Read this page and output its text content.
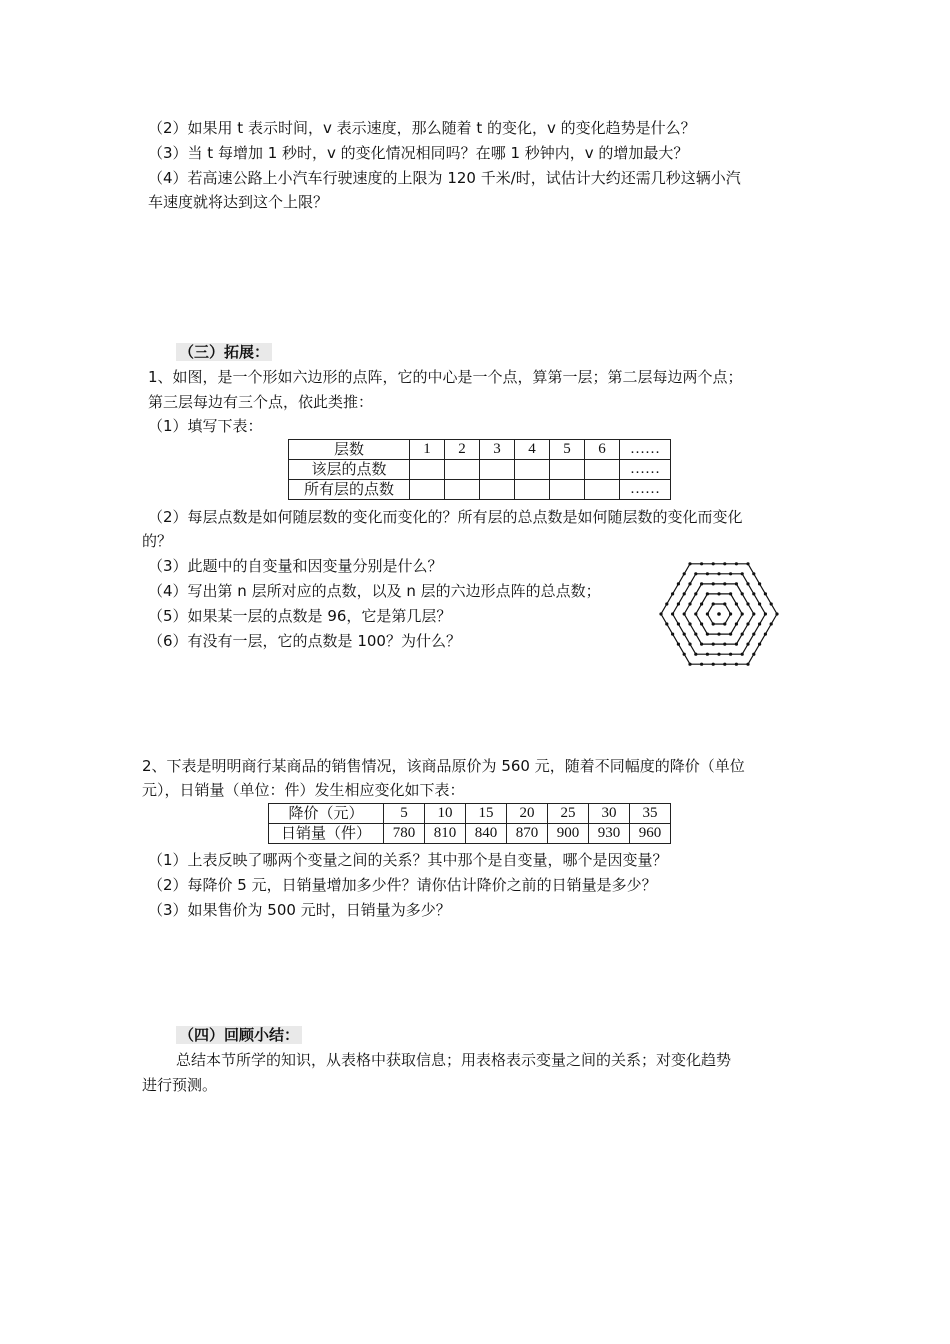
（2）如果用 t 表示时间，v 表示速度，那么随着 t 的变化，v 的变化趋势是什么？
（3）当 t 每增加 1 秒时，v 的变化情况相同吗？在哪 1 秒钟内，v 的增加最大？
（4）若高速公路上小汽车行驶速度的上限为 120 千米/时，试估计大约还需几秒这辆小汽
车速度就将达到这个上限？
（三）拓展：
1、如图，是一个形如六边形的点阵，它的中心是一个点，算第一层；第二层每边两个点；
第三层每边有三个点，依此类推：
（1）填写下表：
层数	1	2	3	4	5	6	……
该层的点数							……
所有层的点数							……
（2）每层点数是如何随层数的变化而变化的？所有层的总点数是如何随层数的变化而变化
的？
（3）此题中的自变量和因变量分别是什么？
（4）写出第 n 层所对应的点数，以及 n 层的六边形点阵的总点数；
（5）如果某一层的点数是 96，它是第几层？
（6）有没有一层，它的点数是 100？为什么？
2、下表是明明商行某商品的销售情况，该商品原价为 560 元，随着不同幅度的降价（单位
元），日销量（单位：件）发生相应变化如下表：
降价（元）	5	10	15	20	25	30	35
日销量（件）	780	810	840	870	900	930	960
（1）上表反映了哪两个变量之间的关系？其中那个是自变量，哪个是因变量？
（2）每降价 5 元，日销量增加多少件？请你估计降价之前的日销量是多少？
（3）如果售价为 500 元时，日销量为多少？
（四）回顾小结：
总结本节所学的知识，从表格中获取信息；用表格表示变量之间的关系；对变化趋势
进行预测。
